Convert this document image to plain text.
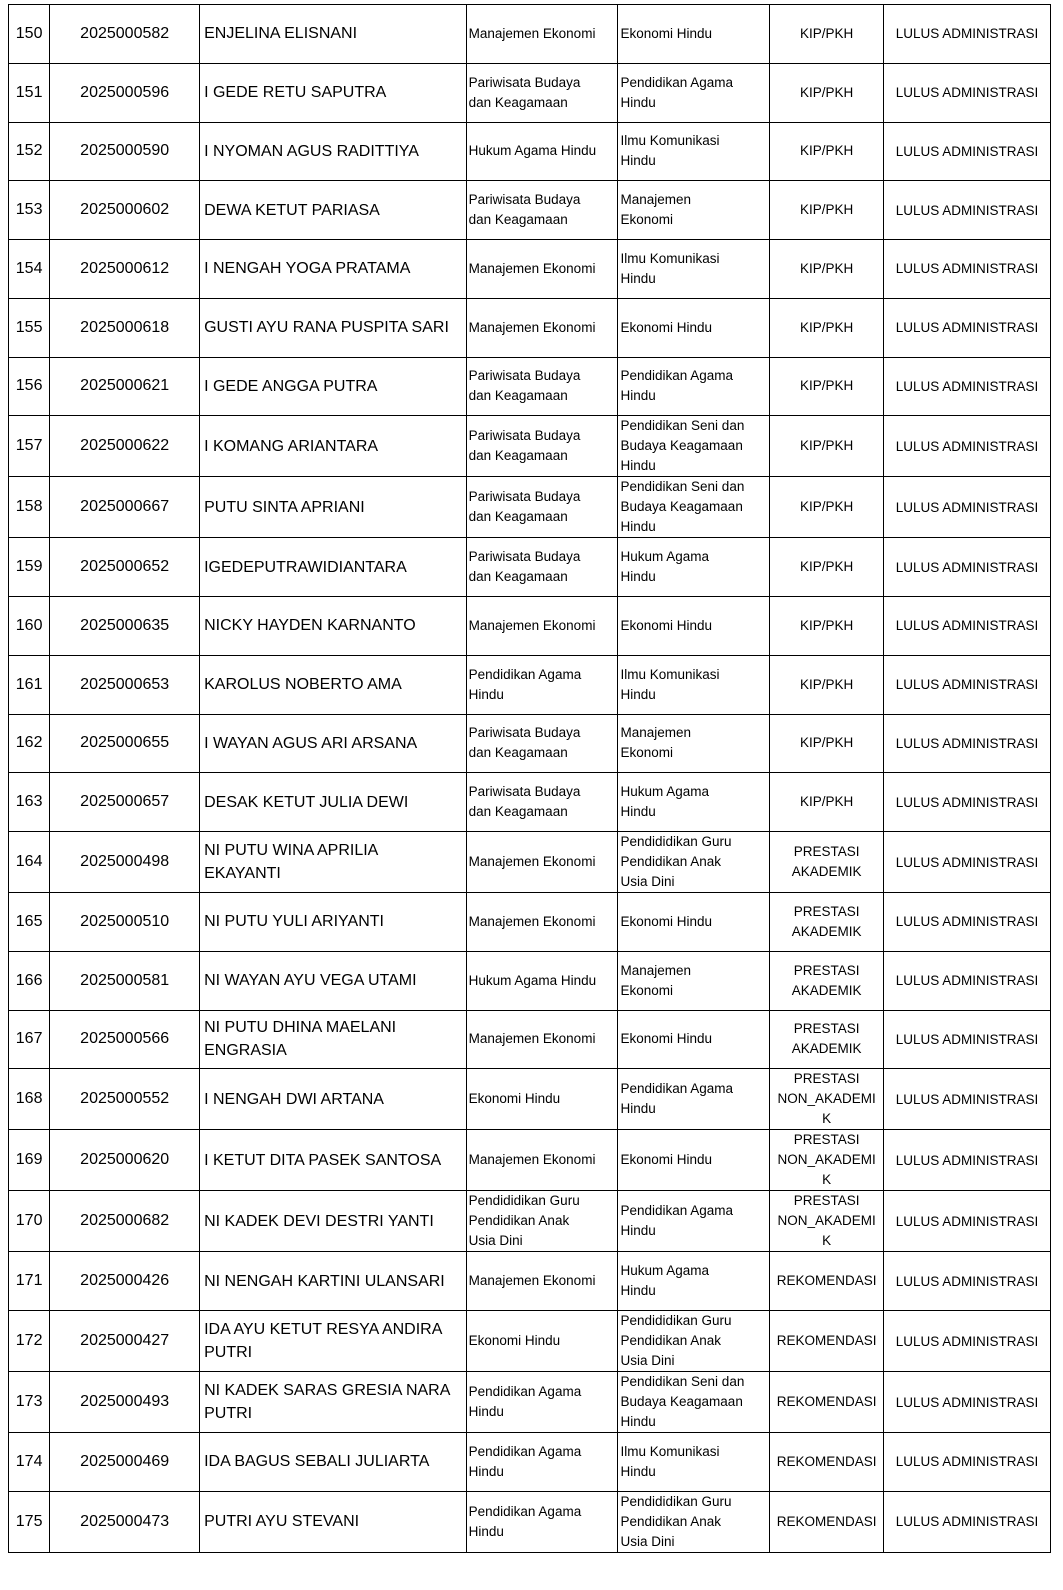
150	2025000582	ENJELINA ELISNANI	Manajemen Ekonomi	Ekonomi Hindu	KIP/PKH	LULUS ADMINISTRASI
151	2025000596	I GEDE RETU SAPUTRA	Pariwisata Budaya
dan Keagamaan	Pendidikan Agama
Hindu	KIP/PKH	LULUS ADMINISTRASI
152	2025000590	I NYOMAN AGUS RADITTIYA	Hukum Agama Hindu	Ilmu Komunikasi
Hindu	KIP/PKH	LULUS ADMINISTRASI
153	2025000602	DEWA KETUT PARIASA	Pariwisata Budaya
dan Keagamaan	Manajemen
Ekonomi	KIP/PKH	LULUS ADMINISTRASI
154	2025000612	I NENGAH YOGA PRATAMA	Manajemen Ekonomi	Ilmu Komunikasi
Hindu	KIP/PKH	LULUS ADMINISTRASI
155	2025000618	GUSTI AYU RANA PUSPITA SARI	Manajemen Ekonomi	Ekonomi Hindu	KIP/PKH	LULUS ADMINISTRASI
156	2025000621	I GEDE ANGGA PUTRA	Pariwisata Budaya
dan Keagamaan	Pendidikan Agama
Hindu	KIP/PKH	LULUS ADMINISTRASI
157	2025000622	I KOMANG ARIANTARA	Pariwisata Budaya
dan Keagamaan	Pendidikan Seni dan
Budaya Keagamaan
Hindu	KIP/PKH	LULUS ADMINISTRASI
158	2025000667	PUTU SINTA APRIANI	Pariwisata Budaya
dan Keagamaan	Pendidikan Seni dan
Budaya Keagamaan
Hindu	KIP/PKH	LULUS ADMINISTRASI
159	2025000652	IGEDEPUTRAWIDIANTARA	Pariwisata Budaya
dan Keagamaan	Hukum Agama
Hindu	KIP/PKH	LULUS ADMINISTRASI
160	2025000635	NICKY HAYDEN KARNANTO	Manajemen Ekonomi	Ekonomi Hindu	KIP/PKH	LULUS ADMINISTRASI
161	2025000653	KAROLUS NOBERTO AMA	Pendidikan Agama
Hindu	Ilmu Komunikasi
Hindu	KIP/PKH	LULUS ADMINISTRASI
162	2025000655	I WAYAN AGUS ARI ARSANA	Pariwisata Budaya
dan Keagamaan	Manajemen
Ekonomi	KIP/PKH	LULUS ADMINISTRASI
163	2025000657	DESAK KETUT JULIA DEWI	Pariwisata Budaya
dan Keagamaan	Hukum Agama
Hindu	KIP/PKH	LULUS ADMINISTRASI
164	2025000498	NI PUTU WINA APRILIA
EKAYANTI	Manajemen Ekonomi	Pendididikan Guru
Pendidikan Anak
Usia Dini	PRESTASI
AKADEMIK	LULUS ADMINISTRASI
165	2025000510	NI PUTU YULI ARIYANTI	Manajemen Ekonomi	Ekonomi Hindu	PRESTASI
AKADEMIK	LULUS ADMINISTRASI
166	2025000581	NI WAYAN AYU VEGA UTAMI	Hukum Agama Hindu	Manajemen
Ekonomi	PRESTASI
AKADEMIK	LULUS ADMINISTRASI
167	2025000566	NI PUTU DHINA MAELANI
ENGRASIA	Manajemen Ekonomi	Ekonomi Hindu	PRESTASI
AKADEMIK	LULUS ADMINISTRASI
168	2025000552	I NENGAH DWI ARTANA	Ekonomi Hindu	Pendidikan Agama
Hindu	PRESTASI
NON_AKADEMI
K	LULUS ADMINISTRASI
169	2025000620	I KETUT DITA PASEK SANTOSA	Manajemen Ekonomi	Ekonomi Hindu	PRESTASI
NON_AKADEMI
K	LULUS ADMINISTRASI
170	2025000682	NI KADEK DEVI DESTRI YANTI	Pendididikan Guru
Pendidikan Anak
Usia Dini	Pendidikan Agama
Hindu	PRESTASI
NON_AKADEMI
K	LULUS ADMINISTRASI
171	2025000426	NI NENGAH KARTINI ULANSARI	Manajemen Ekonomi	Hukum Agama
Hindu	REKOMENDASI	LULUS ADMINISTRASI
172	2025000427	IDA AYU KETUT RESYA ANDIRA
PUTRI	Ekonomi Hindu	Pendididikan Guru
Pendidikan Anak
Usia Dini	REKOMENDASI	LULUS ADMINISTRASI
173	2025000493	NI KADEK SARAS GRESIA NARA
PUTRI	Pendidikan Agama
Hindu	Pendidikan Seni dan
Budaya Keagamaan
Hindu	REKOMENDASI	LULUS ADMINISTRASI
174	2025000469	IDA BAGUS SEBALI JULIARTA	Pendidikan Agama
Hindu	Ilmu Komunikasi
Hindu	REKOMENDASI	LULUS ADMINISTRASI
175	2025000473	PUTRI AYU STEVANI	Pendidikan Agama
Hindu	Pendididikan Guru
Pendidikan Anak
Usia Dini	REKOMENDASI	LULUS ADMINISTRASI
